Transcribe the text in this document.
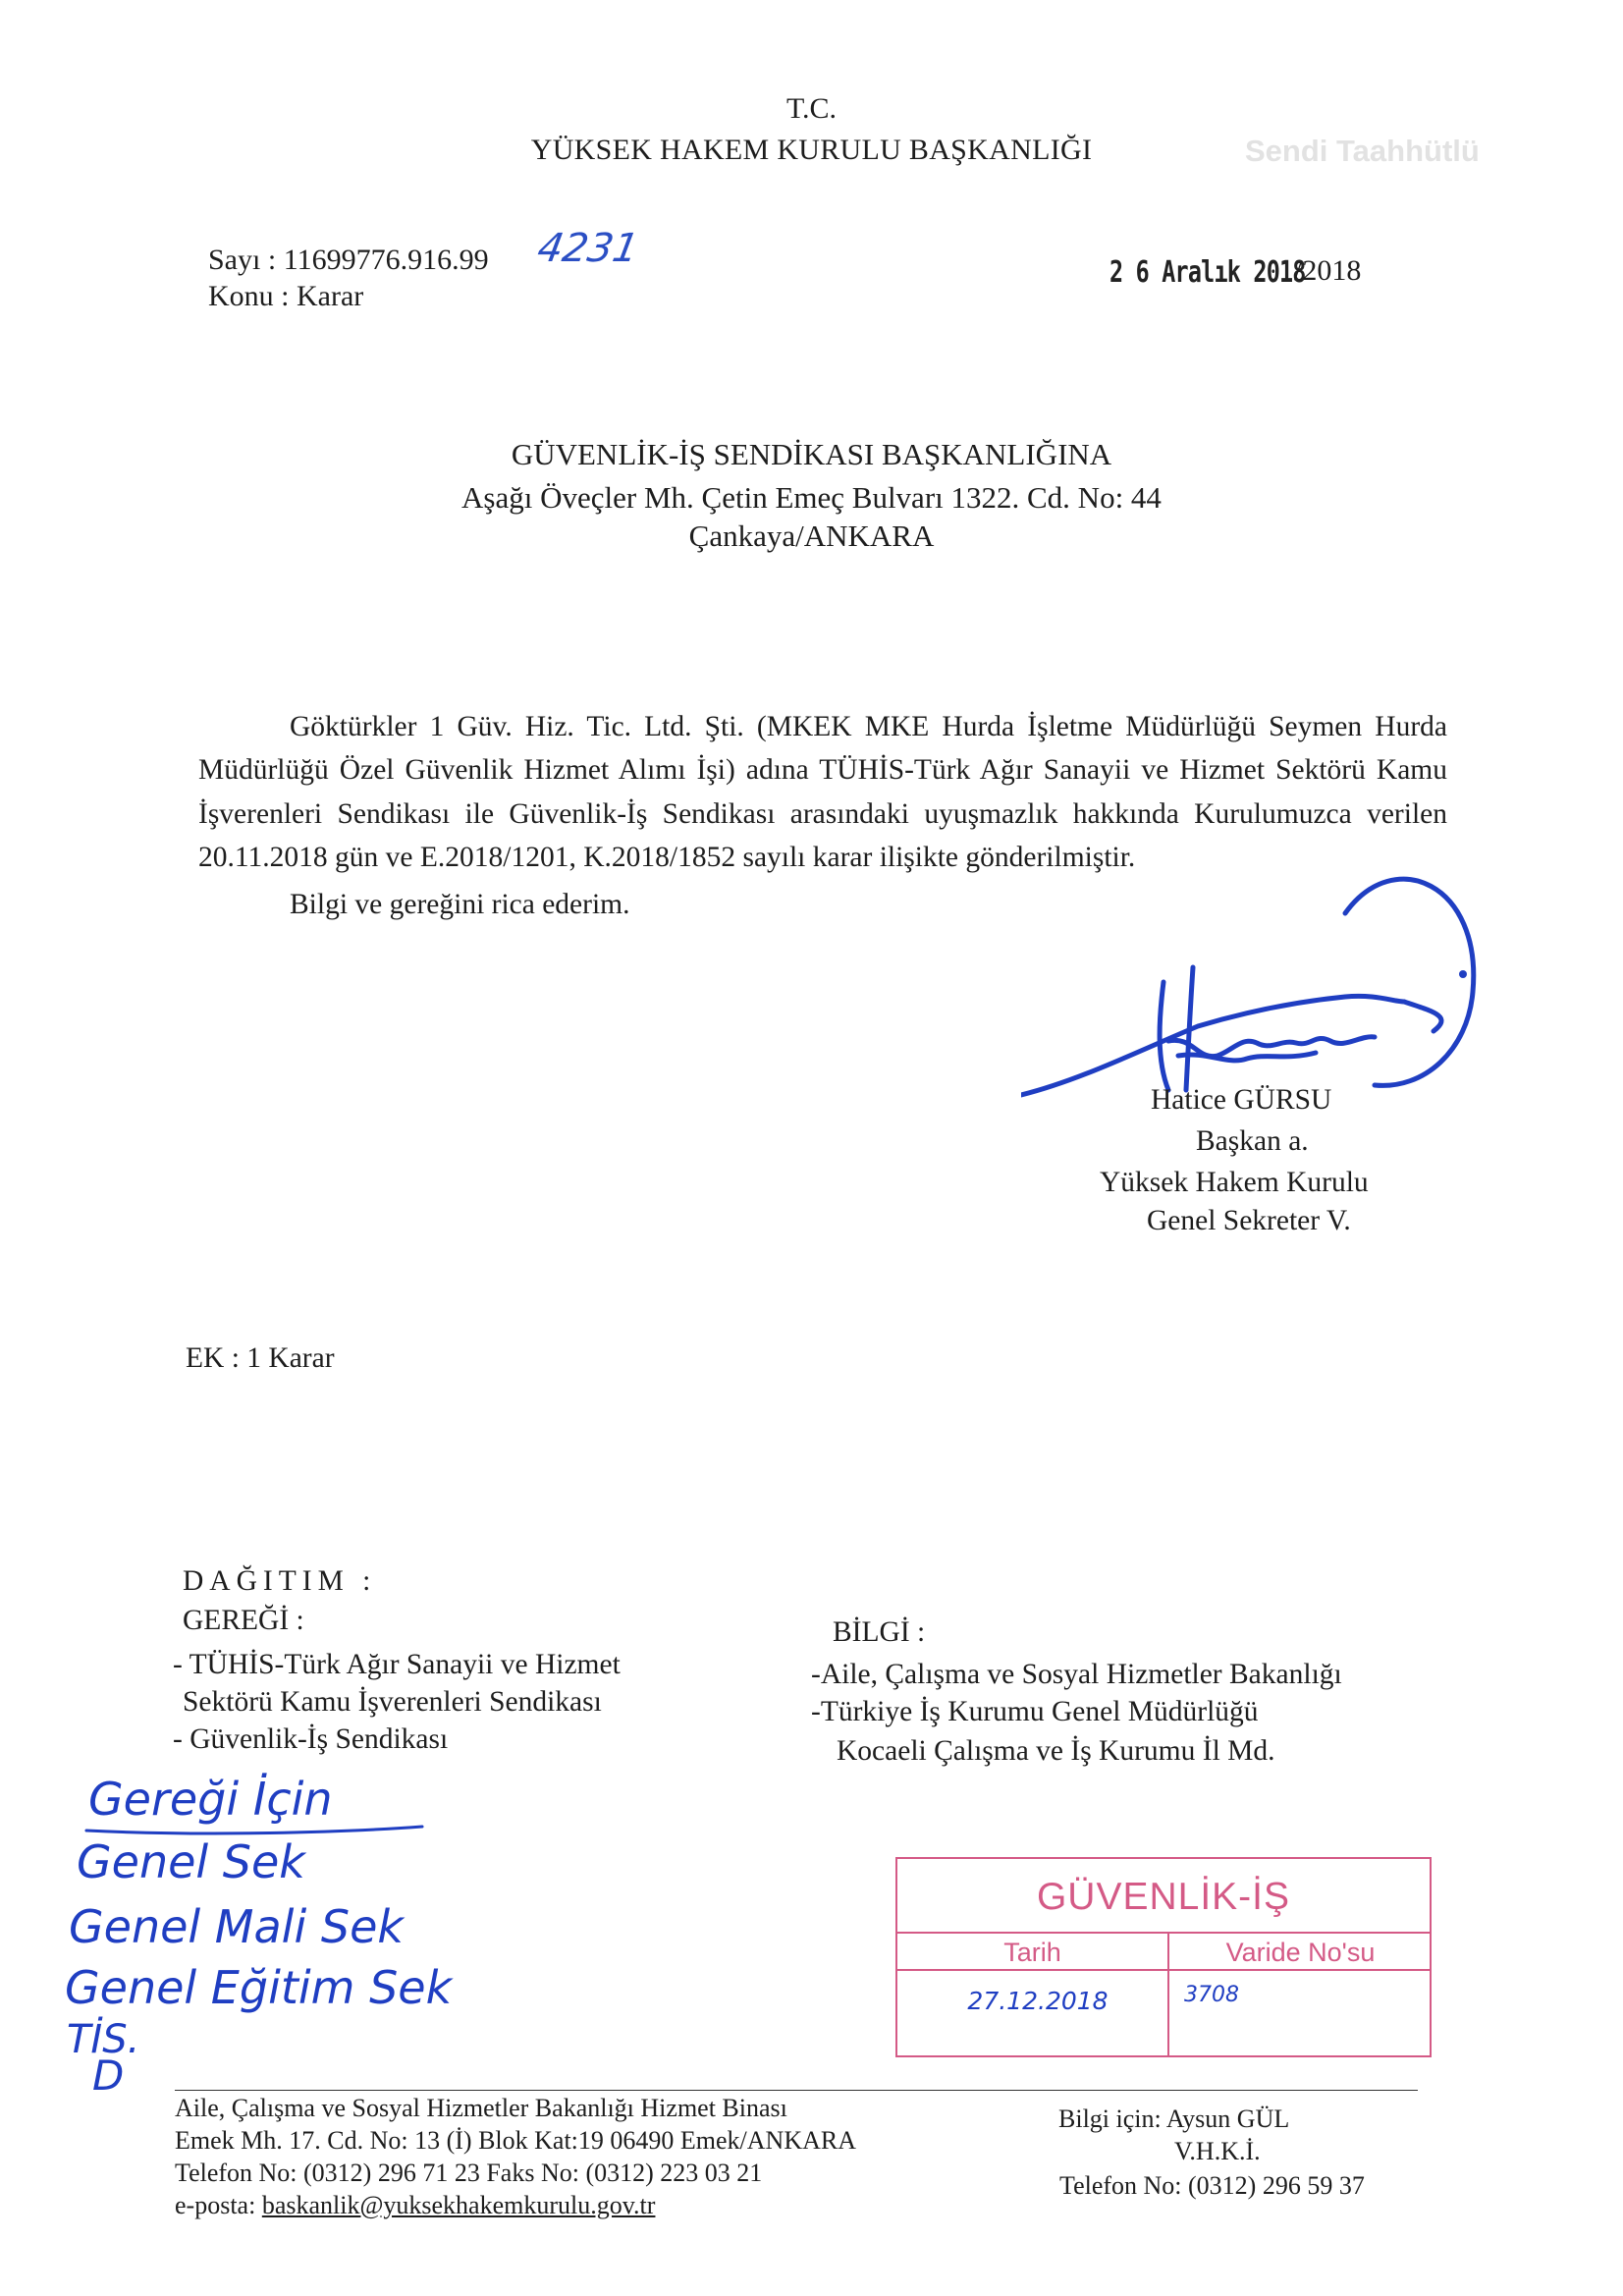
T.C.
YÜKSEK HAKEM KURULU BAŞKANLIĞI	Sendi Taahhütlü
Sayı : 11699776.916.99 4231
Konu : Karar
2 6 Aralık 2018
/2018
GÜVENLİK-İŞ SENDİKASI BAŞKANLIĞINA
Aşağı Öveçler Mh. Çetin Emeç Bulvarı 1322. Cd. No: 44
Çankaya/ANKARA
Göktürkler 1 Güv. Hiz. Tic. Ltd. Şti. (MKEK MKE Hurda İşletme Müdürlüğü Seymen Hurda Müdürlüğü Özel Güvenlik Hizmet Alımı İşi) adına TÜHİS-Türk Ağır Sanayii ve Hizmet Sektörü Kamu İşverenleri Sendikası ile Güvenlik-İş Sendikası arasındaki uyuşmazlık hakkında Kurulumuzca verilen 20.11.2018 gün ve E.2018/1201, K.2018/1852 sayılı karar ilişikte gönderilmiştir.
Bilgi ve gereğini rica ederim.
Hatice GÜRSU
Başkan a.
Yüksek Hakem Kurulu
Genel Sekreter V.
EK : 1 Karar
DAĞITIM :
GEREĞİ :
- TÜHİS-Türk Ağır Sanayii ve Hizmet
Sektörü Kamu İşverenleri Sendikası
- Güvenlik-İş Sendikası
BİLGİ :
-Aile, Çalışma ve Sosyal Hizmetler Bakanlığı
-Türkiye İş Kurumu Genel Müdürlüğü
Kocaeli Çalışma ve İş Kurumu İl Md.
Gereği İçin
Genel Sek
Genel Mali Sek
Genel Eğitim Sek
TİS.
D
GÜVENLİK-İŞ
Tarih	Varide No'su
27.12.2018	3708
Aile, Çalışma ve Sosyal Hizmetler Bakanlığı Hizmet Binası
Emek Mh. 17. Cd. No: 13 (İ) Blok Kat:19 06490 Emek/ANKARA
Telefon No: (0312) 296 71 23 Faks No: (0312) 223 03 21
e-posta: baskanlik@yuksekhakemkurulu.gov.tr
Bilgi için: Aysun GÜL
V.H.K.İ.
Telefon No: (0312) 296 59 37
